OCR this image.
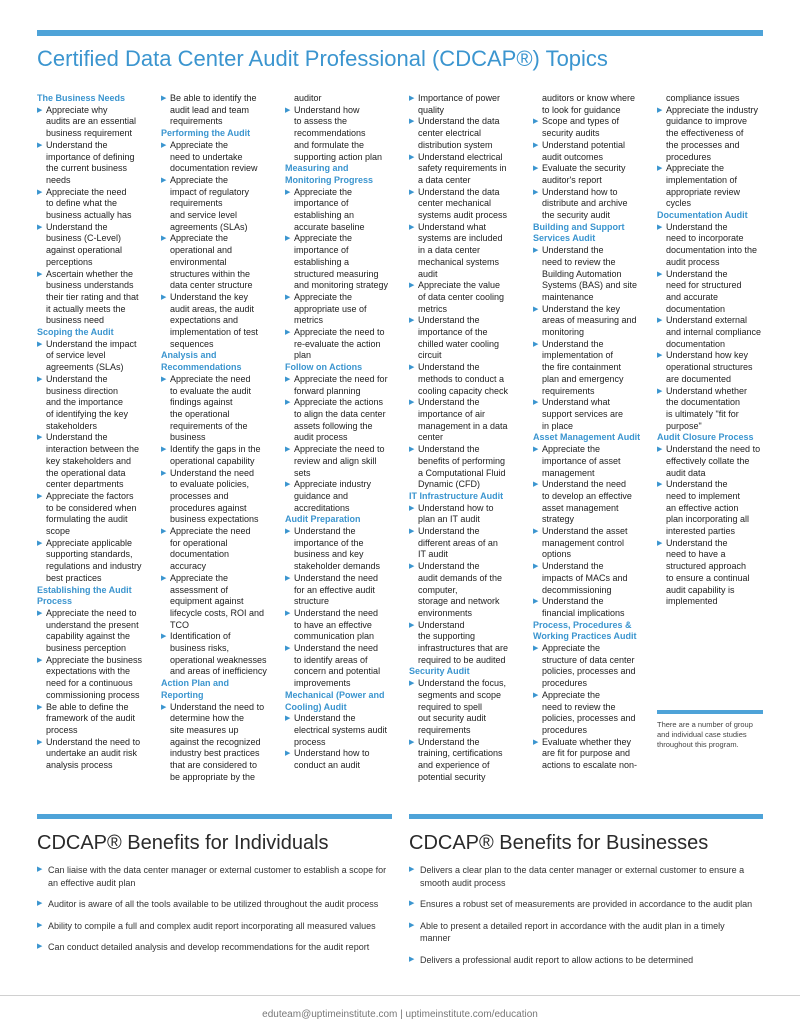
Certified Data Center Audit Professional (CDCAP®) Topics
The Business Needs
▶ Appreciate why
audits are an essential
business requirement
▶ Understand the
importance of defining
the current business
needs
▶ Appreciate the need
to define what the
business actually has
▶ Understand the
business (C-Level)
against operational
perceptions
▶ Ascertain whether the
business understands
their tier rating and that
it actually meets the
business need
Scoping the Audit
▶ Understand the impact
of service level
agreements (SLAs)
▶ Understand the
business direction
and the importance
of identifying the key
stakeholders
▶ Understand the
interaction between the
key stakeholders and
the operational data
center departments
▶ Appreciate the factors
to be considered when
formulating the audit
scope
▶ Appreciate applicable
supporting standards,
regulations and industry
best practices
Establishing the Audit
Process
▶ Appreciate the need to
understand the present
capability against the
business perception
▶ Appreciate the business
expectations with the
need for a continuous
commissioning process
▶ Be able to define the
framework of the audit
process
▶ Understand the need to
undertake an audit risk
analysis process
▶ Be able to identify the
audit lead and team
requirements
Performing the Audit
▶ Appreciate the
need to undertake
documentation review
▶ Appreciate the
impact of regulatory
requirements
and service level
agreements (SLAs)
▶ Appreciate the
operational and
environmental
structures within the
data center structure
▶ Understand the key
audit areas, the audit
expectations and
implementation of test
sequences
Analysis and
Recommendations
▶ Appreciate the need
to evaluate the audit
findings against
the operational
requirements of the
business
▶ Identify the gaps in the
operational capability
▶ Understand the need
to evaluate policies,
processes and
procedures against
business expectations
▶ Appreciate the need
for operational
documentation
accuracy
▶ Appreciate the
assessment of
equipment against
lifecycle costs, ROI and
TCO
▶ Identification of
business risks,
operational weaknesses
and areas of inefficiency
Action Plan and
Reporting
▶ Understand the need to
determine how the
site measures up
against the recognized
industry best practices
that are considered to
be appropriate by the
auditor
▶ Understand how
to assess the
recommendations
and formulate the
supporting action plan
Measuring and
Monitoring Progress
▶ Appreciate the
importance of
establishing an
accurate baseline
▶ Appreciate the
importance of
establishing a
structured measuring
and monitoring strategy
▶ Appreciate the
appropriate use of
metrics
▶ Appreciate the need to
re-evaluate the action
plan
Follow on Actions
▶ Appreciate the need for
forward planning
▶ Appreciate the actions
to align the data center
assets following the
audit process
▶ Appreciate the need to
review and align skill
sets
▶ Appreciate industry
guidance and
accreditations
Audit Preparation
▶ Understand the
importance of the
business and key
stakeholder demands
▶ Understand the need
for an effective audit
structure
▶ Understand the need
to have an effective
communication plan
▶ Understand the need
to identify areas of
concern and potential
improvements
Mechanical (Power and
Cooling) Audit
▶ Understand the
electrical systems audit
process
▶ Understand how to
conduct an audit
▶ Importance of power
quality
▶ Understand the data
center electrical
distribution system
▶ Understand electrical
safety requirements in
a data center
▶ Understand the data
center mechanical
systems audit process
▶ Understand what
systems are included
in a data center
mechanical systems
audit
▶ Appreciate the value
of data center cooling
metrics
▶ Understand the
importance of the
chilled water cooling
circuit
▶ Understand the
methods to conduct a
cooling capacity check
▶ Understand the
importance of air
management in a data
center
▶ Understand the
benefits of performing
a Computational Fluid
Dynamic (CFD)
IT Infrastructure Audit
▶ Understand how to
plan an IT audit
▶ Understand the
different areas of an
IT audit
▶ Understand the
audit demands of the
computer,
storage and network
environments
▶ Understand
the supporting
infrastructures that are
required to be audited
Security Audit
▶ Understand the focus,
segments and scope
required to spell
out security audit
requirements
▶ Understand the
training, certifications
and experience of
potential security
auditors or know where
to look for guidance
▶ Scope and types of
security audits
▶ Understand potential
audit outcomes
▶ Evaluate the security
auditor's report
▶ Understand how to
distribute and archive
the security audit
Building and Support
Services Audit
▶ Understand the
need to review the
Building Automation
Systems (BAS) and site
maintenance
▶ Understand the key
areas of measuring and
monitoring
▶ Understand the
implementation of
the fire containment
plan and emergency
requirements
▶ Understand what
support services are
in place
Asset Management Audit
▶ Appreciate the
importance of asset
management
▶ Understand the need
to develop an effective
asset management
strategy
▶ Understand the asset
management control
options
▶ Understand the
impacts of MACs and
decommissioning
▶ Understand the
financial implications
Process, Procedures &
Working Practices Audit
▶ Appreciate the
structure of data center
policies, processes and
procedures
▶ Appreciate the
need to review the
policies, processes and
procedures
▶ Evaluate whether they
are fit for purpose and
actions to escalate non-
compliance issues
▶ Appreciate the industry
guidance to improve
the effectiveness of
the processes and
procedures
▶ Appreciate the
implementation of
appropriate review
cycles
Documentation Audit
▶ Understand the
need to incorporate
documentation into the
audit process
▶ Understand the
need for structured
and accurate
documentation
▶ Understand external
and internal compliance
documentation
▶ Understand how key
operational structures
are documented
▶ Understand whether
the documentation
is ultimately "fit for
purpose"
Audit Closure Process
▶ Understand the need to
effectively collate the
audit data
▶ Understand the
need to implement
an effective action
plan incorporating all
interested parties
▶ Understand the
need to have a
structured approach
to ensure a continual
audit capability is
implemented
There are a number of group
and individual case studies
throughout this program.
CDCAP® Benefits for Individuals	CDCAP® Benefits for Businesses
▶ Can liaise with the data center manager or external customer to establish a scope for
an effective audit plan
▶ Auditor is aware of all the tools available to be utilized throughout the audit process
▶ Ability to compile a full and complex audit report incorporating all measured values
▶ Can conduct detailed analysis and develop recommendations for the audit report
▶ Delivers a clear plan to the data center manager or external customer to ensure a
smooth audit process
▶ Ensures a robust set of measurements are provided in accordance to the audit plan
▶ Able to present a detailed report in accordance with the audit plan in a timely
manner
▶ Delivers a professional audit report to allow actions to be determined
eduteam@uptimeinstitute.com | uptimeinstitute.com/education
